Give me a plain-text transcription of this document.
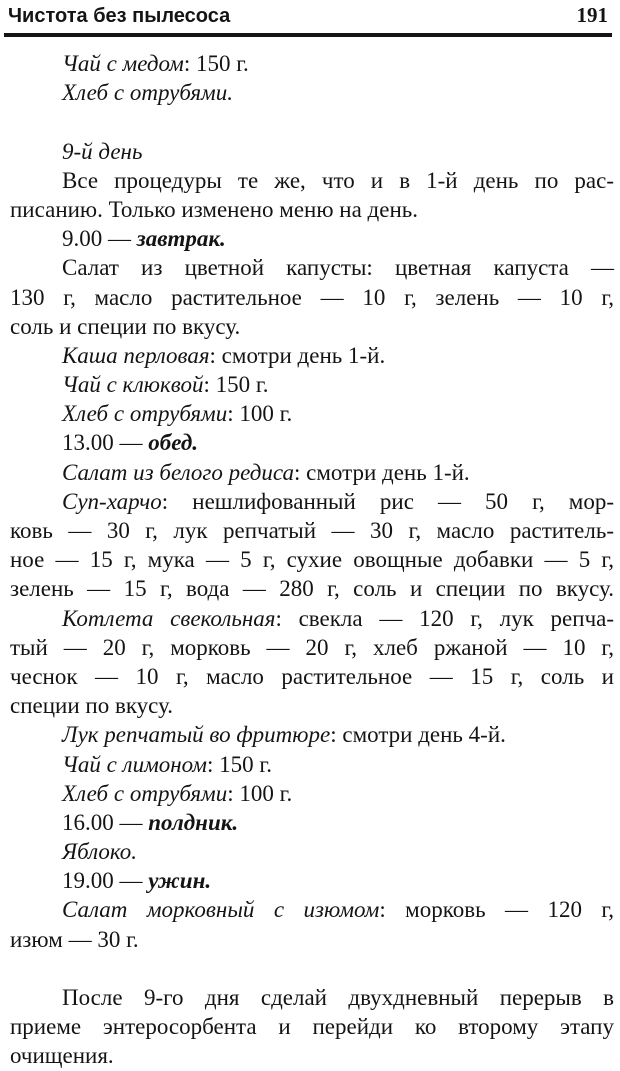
Чистота без пылесоса	191
Чай с медом: 150 г.
Хлеб с отрубями.
9-й день
Все процедуры те же, что и в 1-й день по рас-
писанию. Только изменено меню на день.
9.00 — завтрак.
Салат из цветной капусты: цветная капуста —
130 г, масло растительное — 10 г, зелень — 10 г,
соль и специи по вкусу.
Каша перловая: смотри день 1-й.
Чай с клюквой: 150 г.
Хлеб с отрубями: 100 г.
13.00 — обед.
Салат из белого редиса: смотри день 1-й.
Суп-харчо: нешлифованный рис — 50 г, мор-
ковь — 30 г, лук репчатый — 30 г, масло раститель-
ное — 15 г, мука — 5 г, сухие овощные добавки — 5 г,
зелень — 15 г, вода — 280 г, соль и специи по вкусу.
Котлета свекольная: свекла — 120 г, лук репча-
тый — 20 г, морковь — 20 г, хлеб ржаной — 10 г,
чеснок — 10 г, масло растительное — 15 г, соль и
специи по вкусу.
Лук репчатый во фритюре: смотри день 4-й.
Чай с лимоном: 150 г.
Хлеб с отрубями: 100 г.
16.00 — полдник.
Яблоко.
19.00 — ужин.
Салат морковный с изюмом: морковь — 120 г,
изюм — 30 г.
После 9-го дня сделай двухдневный перерыв в
приеме энтеросорбента и перейди ко второму этапу
очищения.
